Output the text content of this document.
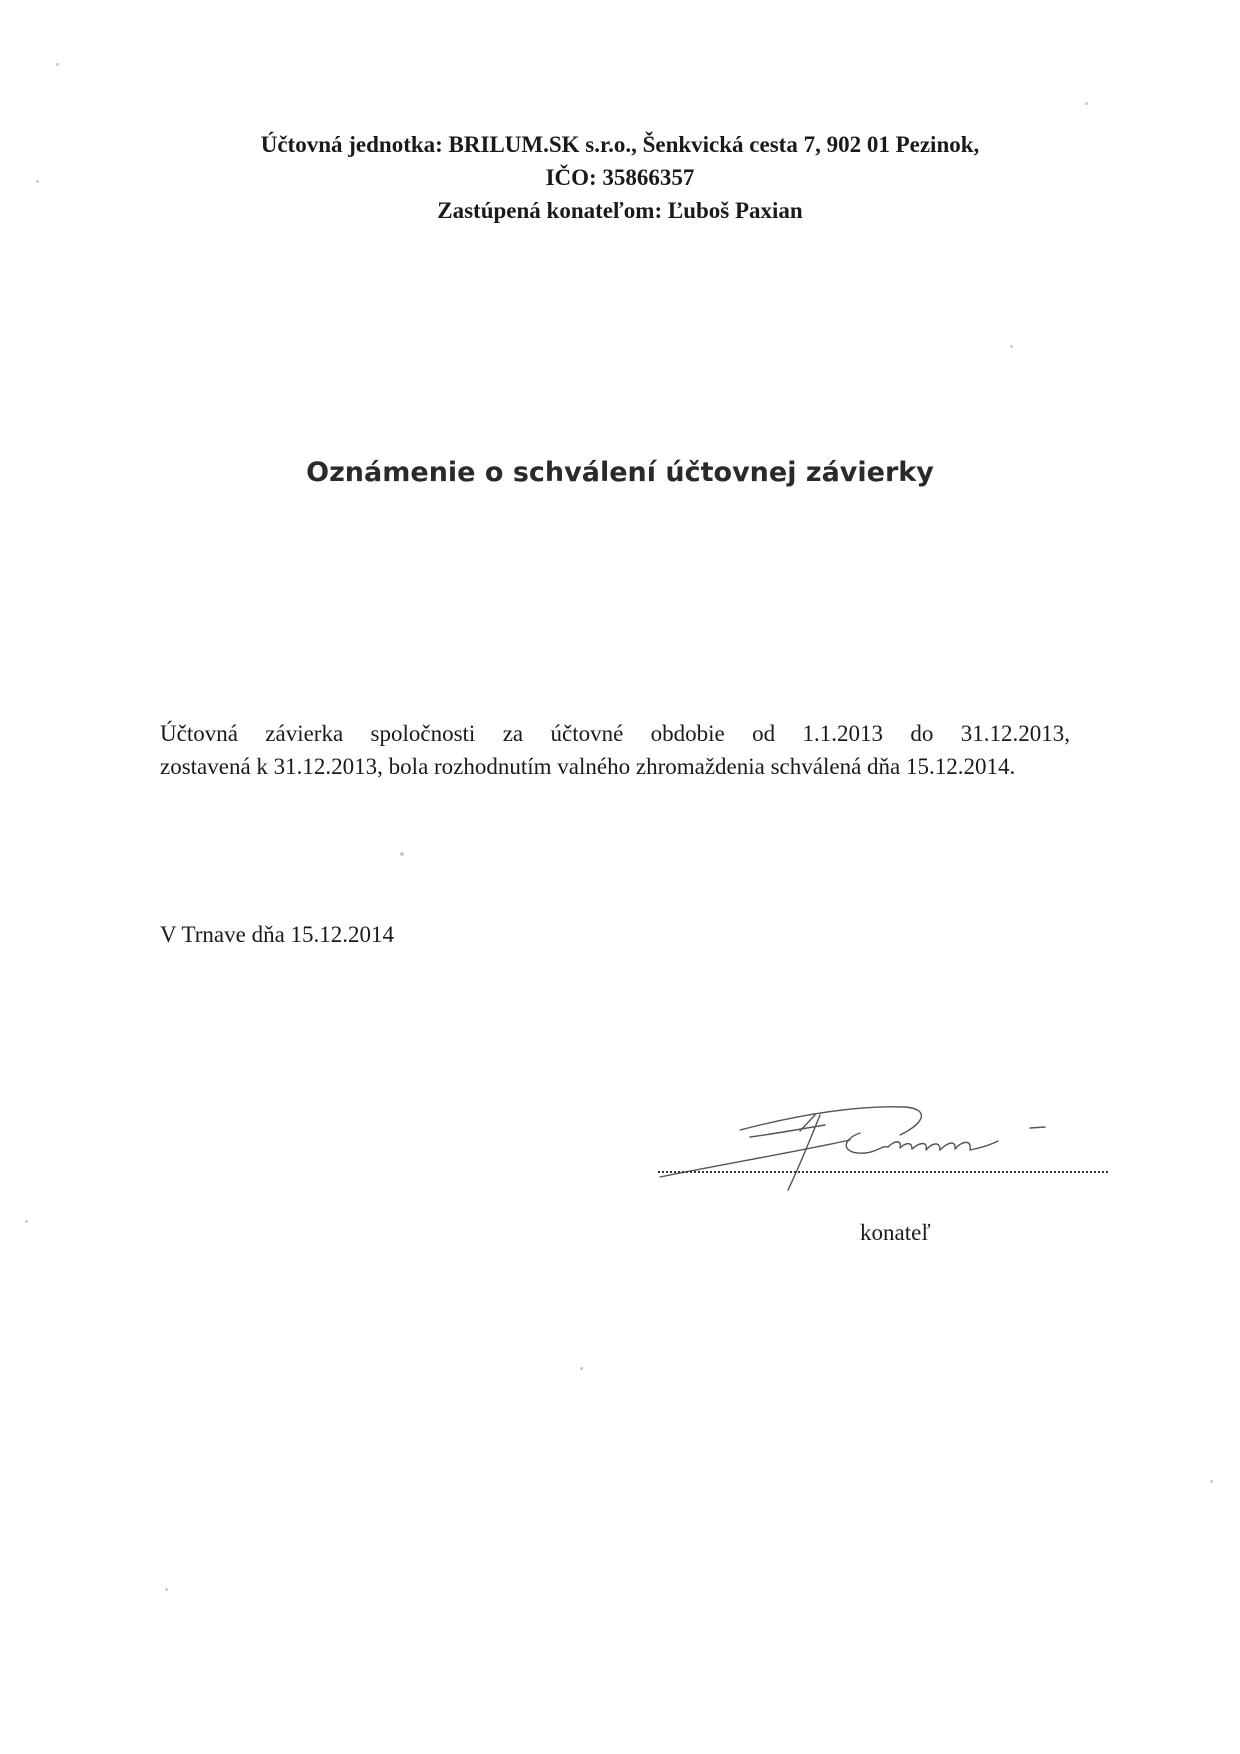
Účtovná jednotka: BRILUM.SK s.r.o., Šenkvická cesta 7, 902 01 Pezinok,
IČO: 35866357
Zastúpená konateľom: Ľuboš Paxian
Oznámenie o schválení účtovnej závierky
Účtovná závierka spoločnosti za účtovné obdobie od 1.1.2013 do 31.12.2013,
zostavená k 31.12.2013, bola rozhodnutím valného zhromaždenia schválená dňa 15.12.2014.
V Trnave dňa 15.12.2014
konateľ
